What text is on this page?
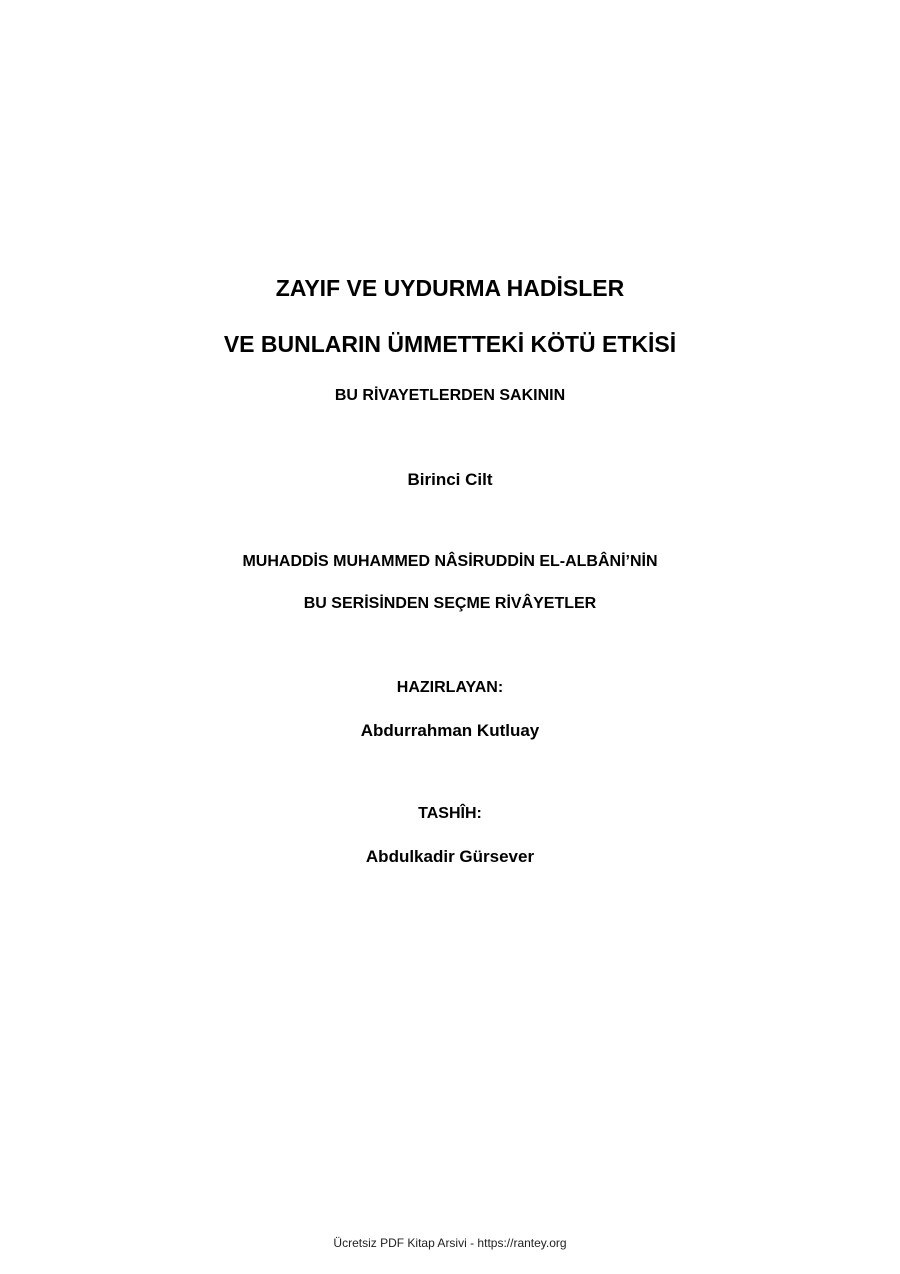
ZAYIF VE UYDURMA HADİSLER
VE BUNLARIN ÜMMETTEKİ KÖTÜ ETKİSİ
BU RİVAYETLERDEN SAKININ
Birinci Cilt
MUHADDİS MUHAMMED NÂSİRUDDİN EL-ALBÂNİ’NİN
BU SERİSİNDEN SEÇME RİVÂYETLER
HAZIRLAYAN:
Abdurrahman Kutluay
TASHÎH:
Abdulkadir Gürsever
Ücretsiz PDF Kitap Arsivi - https://rantey.org
